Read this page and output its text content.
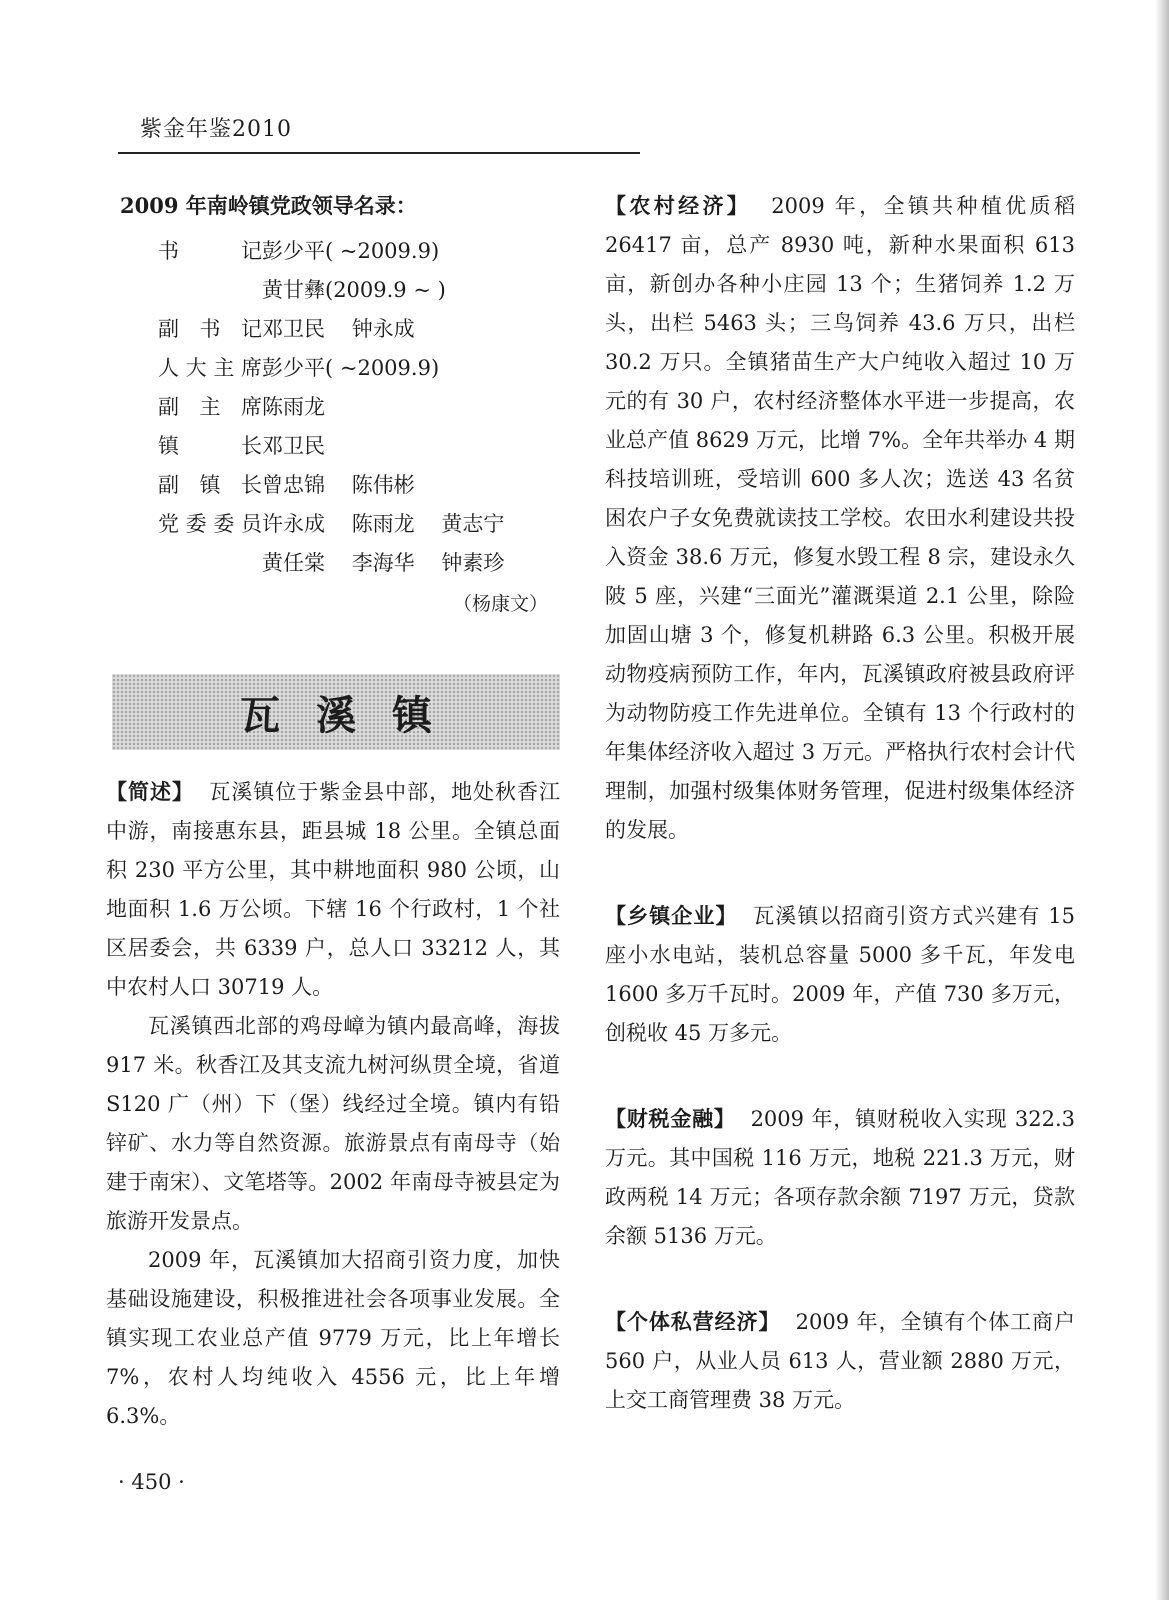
紫金年鉴2010
2009 年南岭镇党政领导名录：
书 记 彭少平( ~2009.9)
黄甘彝(2009.9 ~ )
副书记 邓卫民 钟永成
人大主席 彭少平( ~2009.9)
副主席 陈雨龙
镇 长 邓卫民
副镇长 曾忠锦 陈伟彬
党委委员 许永成 陈雨龙 黄志宁
黄任棠 李海华 钟素珍
（杨康文）
瓦溪镇

【简述】 瓦溪镇位于紫金县中部，地处秋香江中游，南接惠东县，距县城 18 公里。全镇总面积 230 平方公里，其中耕地面积 980 公顷，山地面积 1.6 万公顷。下辖 16 个行政村，1 个社区居委会，共 6339 户，总人口 33212 人，其中农村人口 30719 人。

瓦溪镇西北部的鸡母嶂为镇内最高峰，海拔 917 米。秋香江及其支流九树河纵贯全境，省道 S120 广（州）下（堡）线经过全境。镇内有铅锌矿、水力等自然资源。旅游景点有南母寺（始建于南宋）、文笔塔等。2002 年南母寺被县定为旅游开发景点。

2009 年，瓦溪镇加大招商引资力度，加快基础设施建设，积极推进社会各项事业发展。全镇实现工农业总产值 9779 万元，比上年增长 7%，农村人均纯收入 4556 元，比上年增 6.3%。

【农村经济】 2009 年，全镇共种植优质稻 26417 亩，总产 8930 吨，新种水果面积 613 亩，新创办各种小庄园 13 个；生猪饲养 1.2 万头，出栏 5463 头；三鸟饲养 43.6 万只，出栏 30.2 万只。全镇猪苗生产大户纯收入超过 10 万元的有 30 户，农村经济整体水平进一步提高，农业总产值 8629 万元，比增 7%。全年共举办 4 期科技培训班，受培训 600 多人次；选送 43 名贫困农户子女免费就读技工学校。农田水利建设共投入资金 38.6 万元，修复水毁工程 8 宗，建设永久陂 5 座，兴建“三面光”灌溉渠道 2.1 公里，除险加固山塘 3 个，修复机耕路 6.3 公里。积极开展动物疫病预防工作，年内，瓦溪镇政府被县政府评为动物防疫工作先进单位。全镇有 13 个行政村的年集体经济收入超过 3 万元。严格执行农村会计代理制，加强村级集体财务管理，促进村级集体经济的发展。

【乡镇企业】 瓦溪镇以招商引资方式兴建有 15 座小水电站，装机总容量 5000 多千瓦，年发电 1600 多万千瓦时。2009 年，产值 730 多万元，创税收 45 万多元。

【财税金融】 2009 年，镇财税收入实现 322.3 万元。其中国税 116 万元，地税 221.3 万元，财政两税 14 万元；各项存款余额 7197 万元，贷款余额 5136 万元。

【个体私营经济】 2009 年，全镇有个体工商户 560 户，从业人员 613 人，营业额 2880 万元，上交工商管理费 38 万元。

· 450 ·
